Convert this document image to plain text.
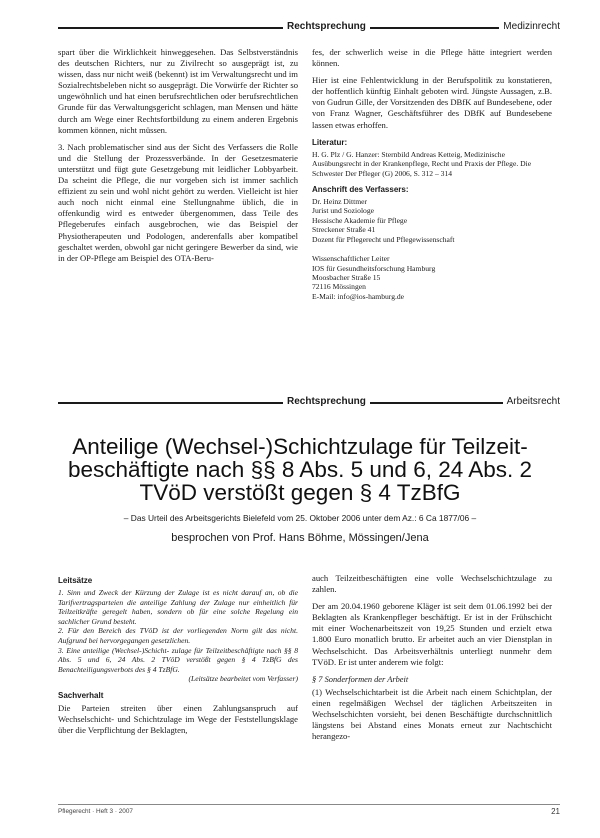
Rechtsprechung	Medizinrecht

spart über die Wirklichkeit hinweggesehen. Das Selbstverständnis des deutschen Richters, nur zu Zivilrecht so ausgeprägt ist, zu wissen, dass nur nicht weiß (bekennt) ist im Verwaltungsrecht und im Sozialrechtsbeleben nicht so ausgeprägt. Die Vorwürfe der Richter so ungewöhnlich und hat einen berufsrechtlichen oder berufsrechtlichen Grunde für das Verwaltungsgericht schlagen, man Mensen und hätte durch am Wege einer Rechtsfortbildung zu einem anderen Ergebnis kommen können, nicht müssen.

3. Nach problematischer sind aus der Sicht des Verfassers die Rolle und die Stellung der Prozessverbände. In der Gesetzesmaterie unterstützt und fügt gute Gesetzgebung mit leidlicher Lobbyarbeit. Da scheint die Pflege, die nur vorgeben sich ist immer sachlich effizient zu sein und wohl nicht gehört zu werden. Vielleicht ist hier auch noch nicht einmal eine Stellungnahme üblich, die in offenkundig wird es entweder übergenommen, dass Teile des Pflegeberufes einfach ausgebrochen, wie das Beispiel der Physiotherapeuten und Podologen, anderenfalls aber kompatibel geschaltet werden, obwohl gar nicht geringere Bewerber da sind, wie in der OP-Pflege am Beispiel des OTA-Beru-

fes, der schwerlich weise in die Pflege hätte integriert werden können.

Hier ist eine Fehlentwicklung in der Berufspolitik zu konstatieren, der hoffentlich künftig Einhalt geboten wird. Jüngste Aussagen, z.B. von Gudrun Gille, der Vorsitzenden des DBfK auf Bundesebene, oder von Franz Wagner, Geschäftsführer des DBfK auf Bundesebene lassen etwas erhoffen.

Literatur:

H. G. Plz / G. Hanzer: Sternbild Andreas Ketteig, Medizinische Ausübungsrecht in der Krankenpflege, Recht und Praxis der Pflege. Die Schwester Der Pfleger (G) 2006, S. 312 – 314

Anschrift des Verfassers:
Dr. Heinz Dittmer
Jurist und Soziologe
Hessische Akademie für Pflege
Streckener Straße 41
Dozent für Pflegerecht und Pflegewissenschaft
Wissenschaftlicher Leiter
IOS für Gesundheitsforschung Hamburg
Moosbacher Straße 15
72116 Mössingen
E-Mail: info@ios-hamburg.de
Rechtsprechung	Arbeitsrecht
Anteilige (Wechsel-)Schichtzulage für Teilzeit-
beschäftigte nach §§ 8 Abs. 5 und 6, 24 Abs. 2
TVöD verstößt gegen § 4 TzBfG
– Das Urteil des Arbeitsgerichts Bielefeld vom 25. Oktober 2006 unter dem Az.: 6 Ca 1877/06 –
besprochen von Prof. Hans Böhme, Mössingen/Jena
Leitsätze

1. Sinn und Zweck der Kürzung der Zulage ist es nicht darauf an, ob die Tarifvertragsparteien die anteilige Zahlung der Zulage nur einheitlich für Teilzeitkräfte geregelt haben, sondern ob für eine solche Regelung ein sachlicher Grund besteht.

2. Für den Bereich des TVöD ist der vorliegenden Norm gilt das nicht. Aufgrund bei hervorgegangen gesetzlichen.

3. Eine anteilige (Wechsel-)Schicht- zulage für Teilzeitbeschäftigte nach §§ 8 Abs. 5 und 6, 24 Abs. 2 TVöD verstößt gegen § 4 TzBfG des Benachteiligungsverbots des § 4 TzBfG.

(Leitsätze bearbeitet vom Verfasser)

Sachverhalt

Die Parteien streiten über einen Zahlungsanspruch auf Wechselschicht- und Schichtzulage im Wege der Feststellungsklage über die Verpflichtung der Beklagten,

auch Teilzeitbeschäftigten eine volle Wechselschichtzulage zu zahlen.

Der am 20.04.1960 geborene Kläger ist seit dem 01.06.1992 bei der Beklagten als Krankenpfleger beschäftigt. Er ist in der Frühschicht mit einer Wochenarbeitszeit von 19,25 Stunden und erzielt etwa 1.800 Euro monatlich brutto. Er arbeitet auch an vier Dienstplan in Wechselschicht. Das Arbeitsverhältnis unterliegt nunmehr dem TVöD. Er ist unter anderem wie folgt:

§ 7 Sonderformen der Arbeit

(1) Wechselschichtarbeit ist die Arbeit nach einem Schichtplan, der einen regelmäßigen Wechsel der täglichen Arbeitszeiten in Wechselschichten vorsieht, bei denen Beschäftigte durchschnittlich längstens bei Abstand eines Monats erneut zur Nachtschicht herangezo-

Pflegerecht · Heft 3 · 2007	21
